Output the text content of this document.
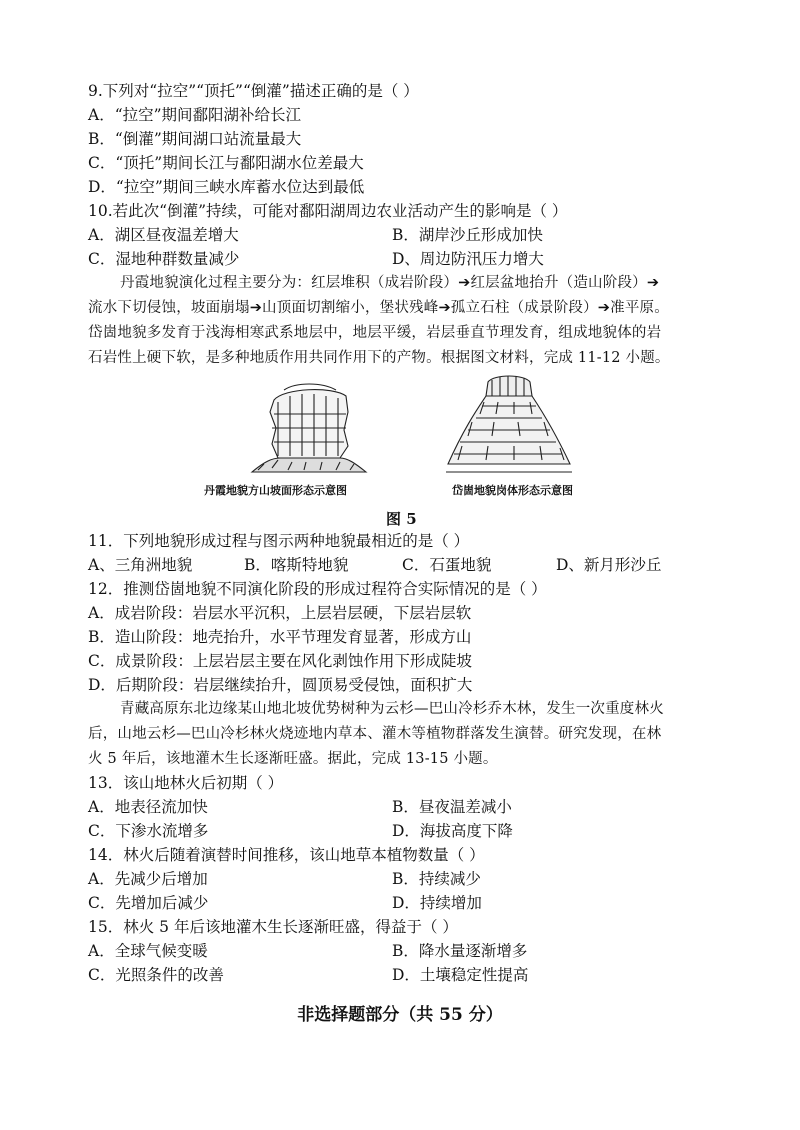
9.下列对“拉空”“顶托”“倒灌”描述正确的是（ ）
A．“拉空”期间鄱阳湖补给长江
B．“倒灌”期间湖口站流量最大
C．“顶托”期间长江与鄱阳湖水位差最大
D．“拉空”期间三峡水库蓄水位达到最低
10.若此次“倒灌”持续，可能对鄱阳湖周边农业活动产生的影响是（ ）
A．湖区昼夜温差增大	B．湖岸沙丘形成加快
C．湿地种群数量减少	D、周边防汛压力增大
丹霞地貌演化过程主要分为：红层堆积（成岩阶段）➔红层盆地抬升（造山阶段）➔
流水下切侵蚀，坡面崩塌➔山顶面切割缩小，堡状残峰➔孤立石柱（成景阶段）➔准平原。
岱崮地貌多发育于浅海相寒武系地层中，地层平缓，岩层垂直节理发育，组成地貌体的岩
石岩性上硬下软，是多种地质作用共同作用下的产物。根据图文材料，完成 11-12 小题。
丹霞地貌方山坡面形态示意图	岱崮地貌岗体形态示意图
图 5
11．下列地貌形成过程与图示两种地貌最相近的是（ ）
A、三角洲地貌	B．喀斯特地貌	C．石蛋地貌	D、新月形沙丘
12．推测岱崮地貌不同演化阶段的形成过程符合实际情况的是（ ）
A．成岩阶段：岩层水平沉积，上层岩层硬，下层岩层软
B．造山阶段：地壳抬升，水平节理发育显著，形成方山
C．成景阶段：上层岩层主要在风化剥蚀作用下形成陡坡
D．后期阶段：岩层继续抬升，圆顶易受侵蚀，面积扩大
青藏高原东北边缘某山地北坡优势树种为云杉—巴山冷杉乔木林，发生一次重度林火
后，山地云杉—巴山冷杉林火烧迹地内草本、灌木等植物群落发生演替。研究发现，在林
火 5 年后，该地灌木生长逐渐旺盛。据此，完成 13-15 小题。
13．该山地林火后初期（ ）
A．地表径流加快	B．昼夜温差减小
C．下渗水流增多	D．海拔高度下降
14．林火后随着演替时间推移，该山地草本植物数量（ ）
A．先减少后增加	B．持续减少
C．先增加后减少	D．持续增加
15．林火 5 年后该地灌木生长逐渐旺盛，得益于（ ）
A．全球气候变暖	B．降水量逐渐增多
C．光照条件的改善	D．土壤稳定性提高
非选择题部分（共 55 分）
